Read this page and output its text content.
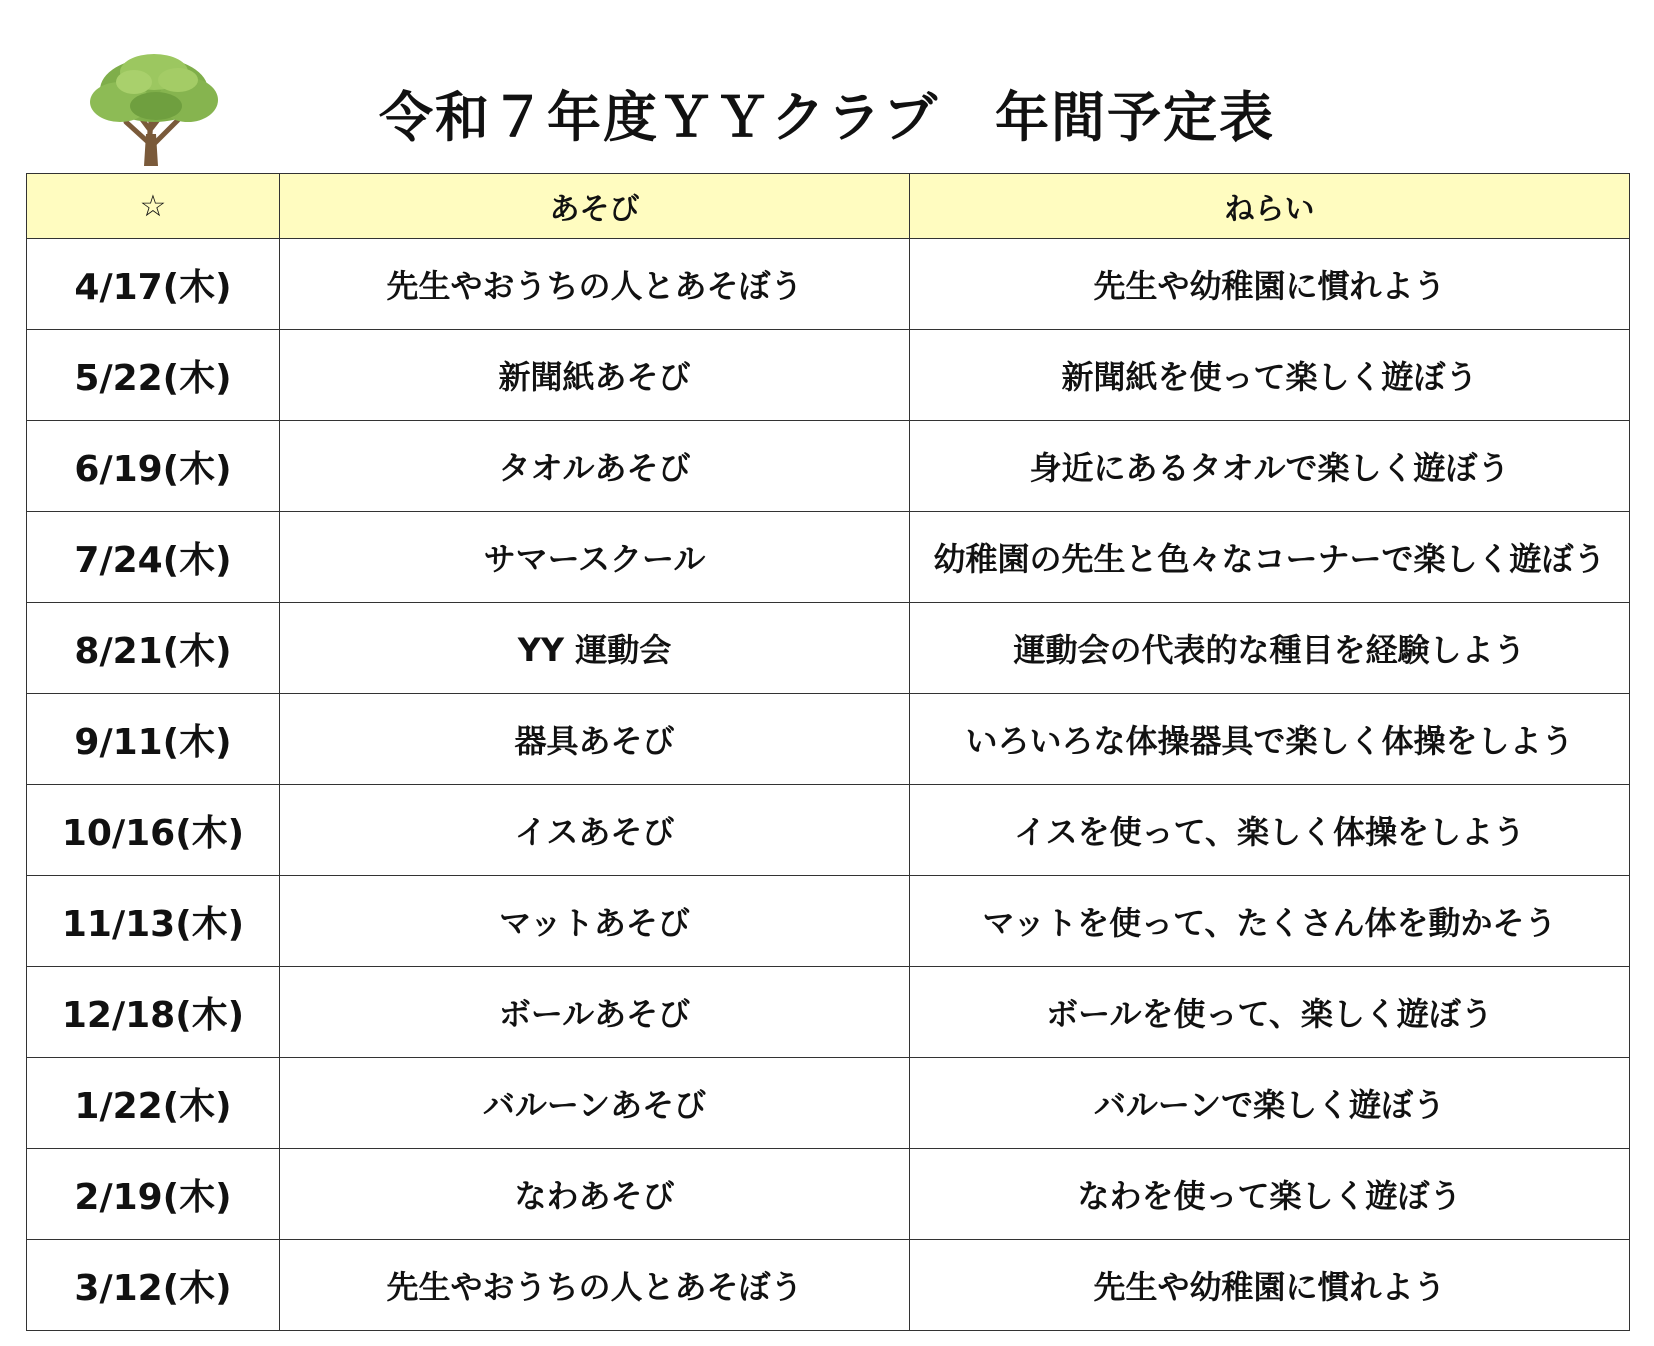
令和７年度ＹＹクラブ　年間予定表
☆	あそび	ねらい
4/17(木)	先生やおうちの人とあそぼう	先生や幼稚園に慣れよう
5/22(木)	新聞紙あそび	新聞紙を使って楽しく遊ぼう
6/19(木)	タオルあそび	身近にあるタオルで楽しく遊ぼう
7/24(木)	サマースクール	幼稚園の先生と色々なコーナーで楽しく遊ぼう
8/21(木)	YY 運動会	運動会の代表的な種目を経験しよう
9/11(木)	器具あそび	いろいろな体操器具で楽しく体操をしよう
10/16(木)	イスあそび	イスを使って、楽しく体操をしよう
11/13(木)	マットあそび	マットを使って、たくさん体を動かそう
12/18(木)	ボールあそび	ボールを使って、楽しく遊ぼう
1/22(木)	バルーンあそび	バルーンで楽しく遊ぼう
2/19(木)	なわあそび	なわを使って楽しく遊ぼう
3/12(木)	先生やおうちの人とあそぼう	先生や幼稚園に慣れよう
